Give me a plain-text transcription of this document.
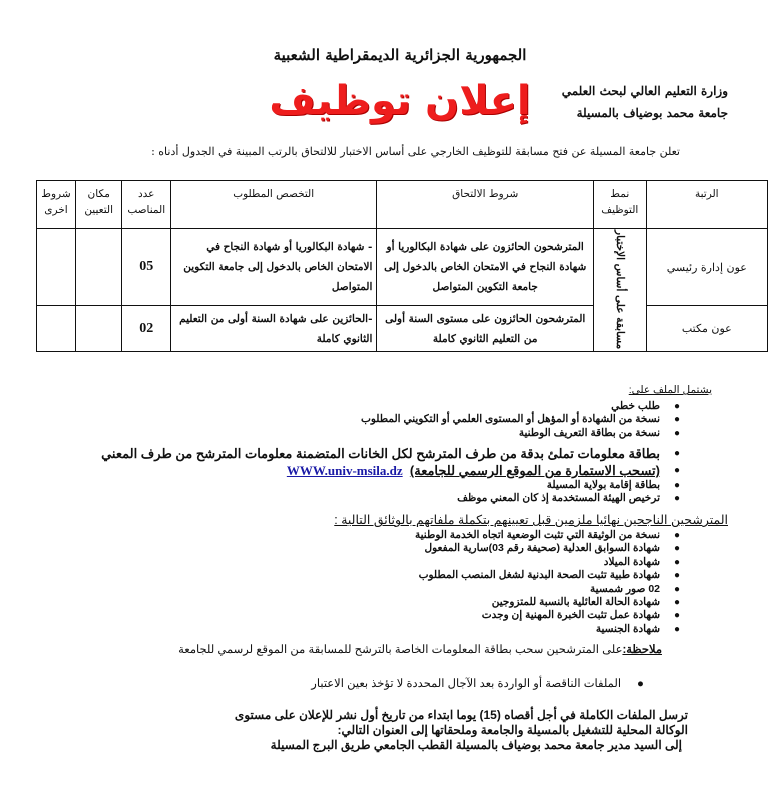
الجمهورية الجزائرية الديمقراطية الشعبية
وزارة التعليم العالي لبحث العلمي
جامعة محمد بوضياف بالمسيلة
إعلان توظيف
تعلن جامعة المسيلة عن فتح مسابقة للتوظيف الخارجي على أساس الاختبار للالتحاق بالرتب المبينة في الجدول أدناه :
الرتبة	نمط التوظيف	شروط الالتحاق	التخصص المطلوب	عدد المناصب	مكان التعيين	شروط اخرى
عون إدارة رئيسي	مسابقة على أساس الإختبار	المترشحون الحائزون على شهادة البكالوريا أو شهادة النجاح في الامتحان الخاص بالدخول إلى جامعة التكوين المتواصل	- شهادة البكالوريا أو شهادة النجاح في الامتحان الخاص بالدخول إلى جامعة التكوين المتواصل	05		
عون مكتب		المترشحون الحائزون على مستوى السنة أولى من التعليم الثانوي كاملة	-الحائزين على شهادة السنة أولى من التعليم الثانوي كاملة	02		
يشتمل الملف على:
●
طلب خطي
●
نسخة من الشهادة أو المؤهل أو المستوى العلمي أو التكويني المطلوب
●
نسخة من بطاقة التعريف الوطنية
●
بطاقة معلومات تملئ بدقة من طرف المترشح لكل الخانات المتضمنة معلومات المترشح من طرف المعني
●
(تسحب الاستمارة من الموقع الرسمي للجامعة)  WWW.univ-msila.dz
●
بطاقة إقامة بولاية المسيلة
●
ترخيص الهيئة المستخدمة إذ كان المعني موظف
المترشحين الناجحين نهائيا ملزمين قبل تعيينهم بتكملة ملفاتهم بالوثائق التالية :
●
نسخة من الوثيقة التي تثبت الوضعية اتجاه الخدمة الوطنية
●
شهادة السوابق العدلية (صحيفة رقم 03)سارية المفعول
●
شهادة الميلاد
●
شهادة طبية تثبت الصحة البدنية لشغل المنصب المطلوب
●
02 صور شمسية
●
شهادة الحالة العائلية بالنسبة للمتزوجين
●
شهادة عمل تثبت الخبرة المهنية إن وجدت
●
شهادة الجنسية
ملاحظة:على المترشحين سحب بطاقة المعلومات الخاصة بالترشح للمسابقة من الموقع لرسمي للجامعة
●الملفات الناقصة أو الواردة بعد الآجال المحددة لا تؤخذ بعين الاعتبار
ترسل الملفات الكاملة في أجل أقصاه (15) يوما ابتداء من تاريخ أول نشر للإعلان على مستوى
الوكالة المحلية للتشغيل بالمسيلة والجامعة وملحقاتها إلى العنوان التالي:
إلى السيد مدير جامعة محمد بوضياف بالمسيلة القطب الجامعي طريق البرج المسيلة
